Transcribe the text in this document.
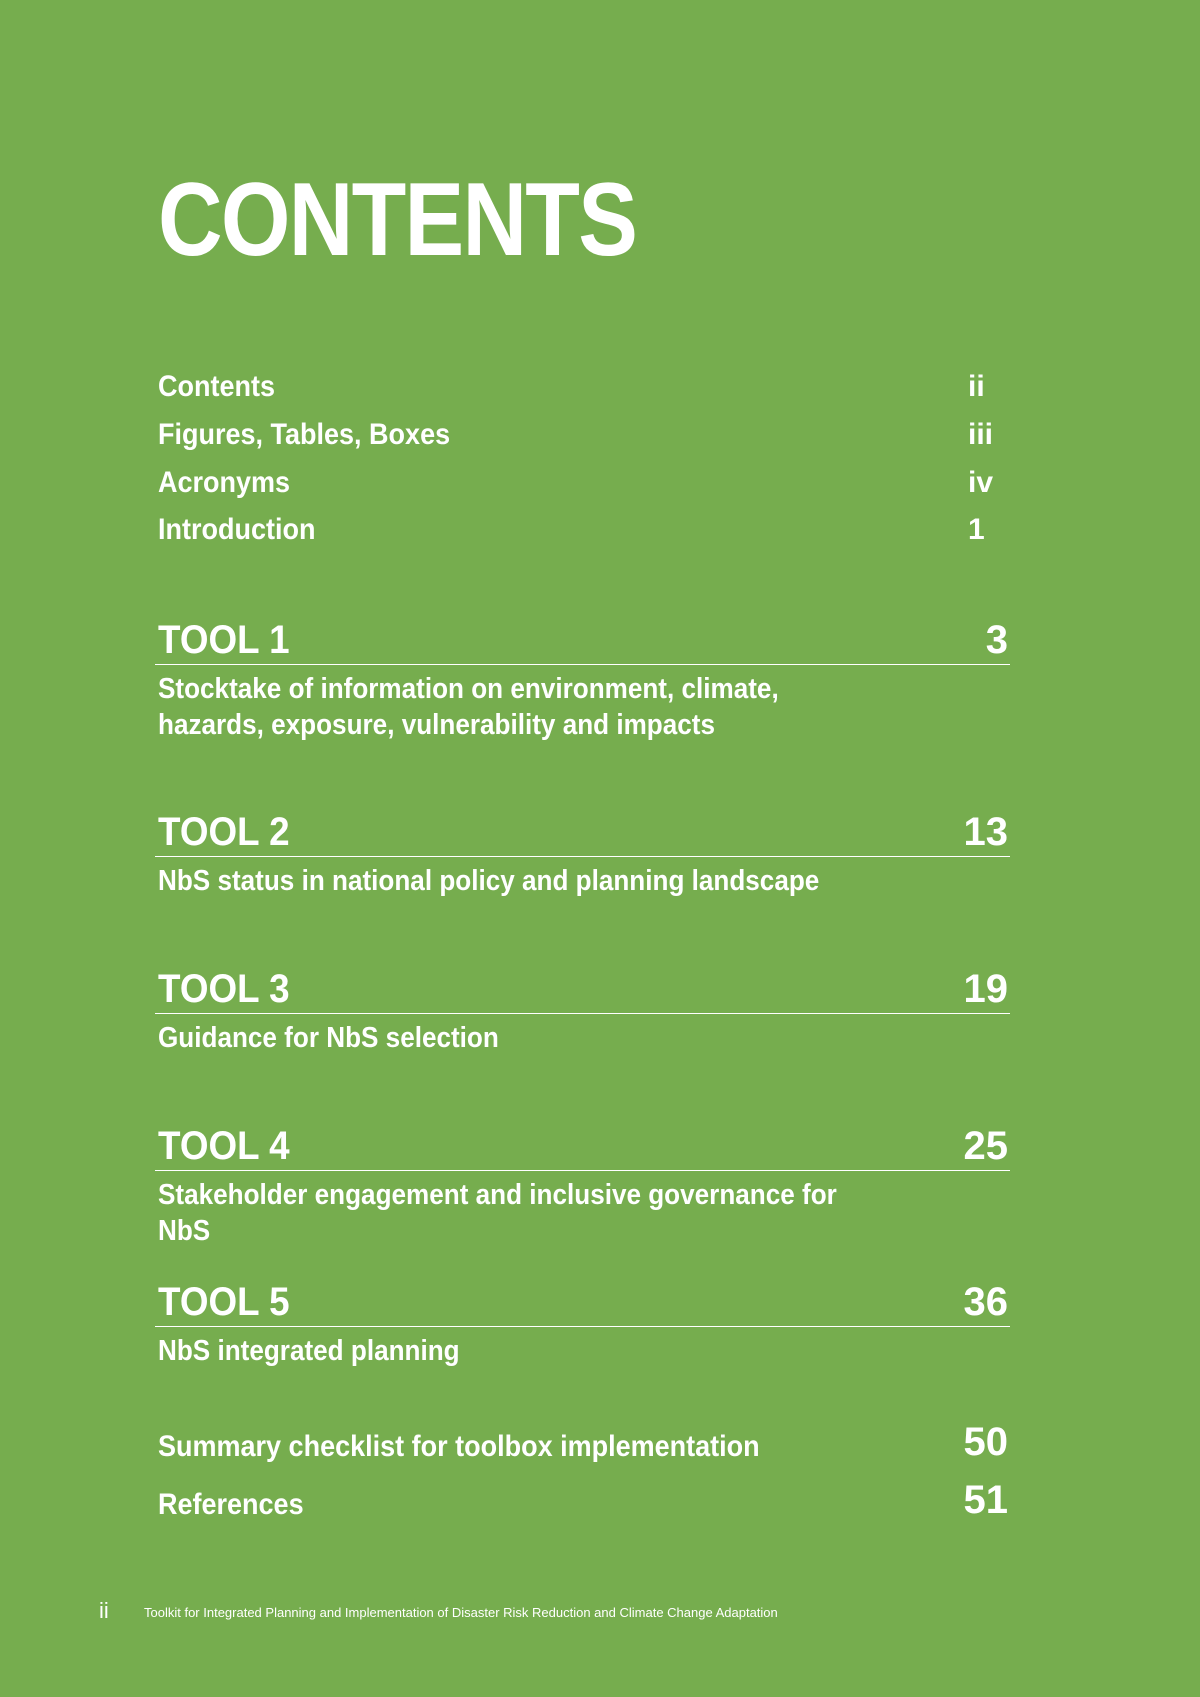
CONTENTS
Contents	ii
Figures, Tables, Boxes	iii
Acronyms	iv
Introduction	1
TOOL 1	3
Stocktake of information on environment, climate, hazards, exposure, vulnerability and impacts
TOOL 2	13
NbS status in national policy and planning landscape
TOOL 3	19
Guidance for NbS selection
TOOL 4	25
Stakeholder engagement and inclusive governance for NbS
TOOL 5	36
NbS integrated planning
Summary checklist for toolbox implementation	50
References	51
ii	Toolkit for Integrated Planning and Implementation of Disaster Risk Reduction and Climate Change Adaptation
